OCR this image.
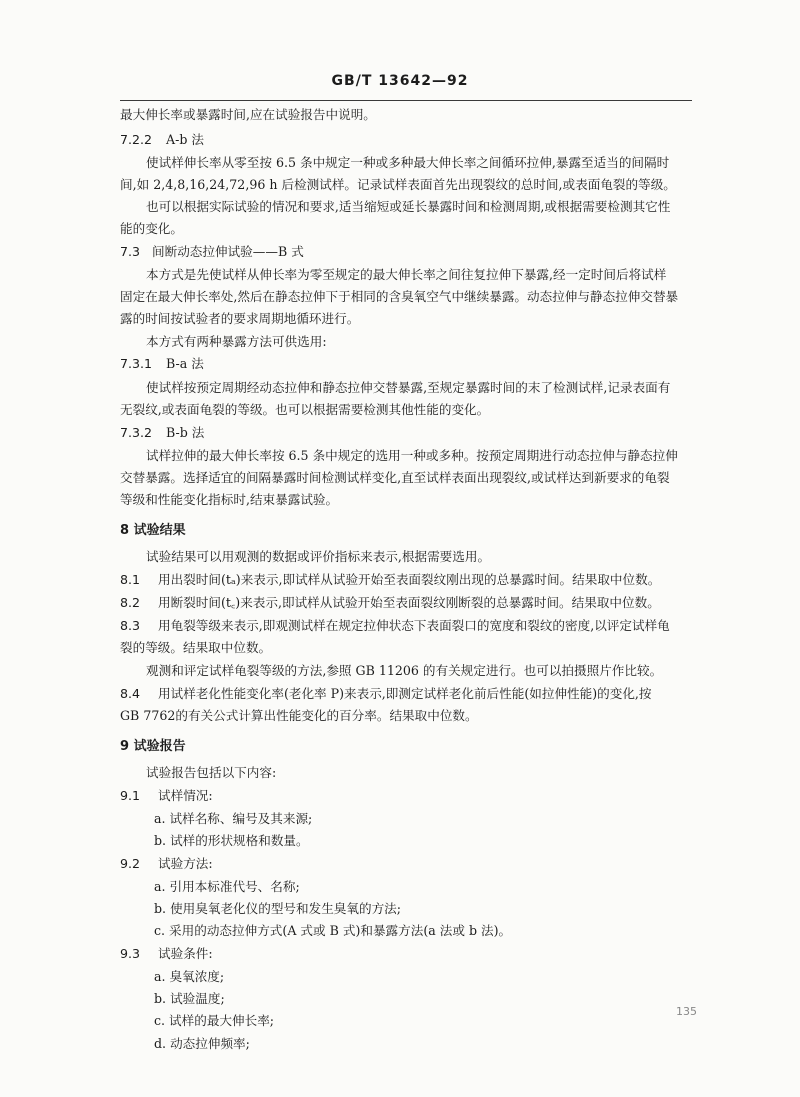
GB/T 13642—92
最大伸长率或暴露时间,应在试验报告中说明。
7.2.2 A-b 法
使试样伸长率从零至按 6.5 条中规定一种或多种最大伸长率之间循环拉伸,暴露至适当的间隔时
间,如 2,4,8,16,24,72,96 h 后检测试样。记录试样表面首先出现裂纹的总时间,或表面龟裂的等级。
也可以根据实际试验的情况和要求,适当缩短或延长暴露时间和检测周期,或根据需要检测其它性
能的变化。
7.3 间断动态拉伸试验——B 式
本方式是先使试样从伸长率为零至规定的最大伸长率之间往复拉伸下暴露,经一定时间后将试样
固定在最大伸长率处,然后在静态拉伸下于相同的含臭氧空气中继续暴露。动态拉伸与静态拉伸交替暴
露的时间按试验者的要求周期地循环进行。
本方式有两种暴露方法可供选用:
7.3.1 B-a 法
使试样按预定周期经动态拉伸和静态拉伸交替暴露,至规定暴露时间的末了检测试样,记录表面有
无裂纹,或表面龟裂的等级。也可以根据需要检测其他性能的变化。
7.3.2 B-b 法
试样拉伸的最大伸长率按 6.5 条中规定的选用一种或多种。按预定周期进行动态拉伸与静态拉伸
交替暴露。选择适宜的间隔暴露时间检测试样变化,直至试样表面出现裂纹,或试样达到新要求的龟裂
等级和性能变化指标时,结束暴露试验。
8 试验结果
试验结果可以用观测的数据或评价指标来表示,根据需要选用。
8.1 用出裂时间(tₐ)来表示,即试样从试验开始至表面裂纹刚出现的总暴露时间。结果取中位数。
8.2 用断裂时间(t꜀)来表示,即试样从试验开始至表面裂纹刚断裂的总暴露时间。结果取中位数。
8.3 用龟裂等级来表示,即观测试样在规定拉伸状态下表面裂口的宽度和裂纹的密度,以评定试样龟
裂的等级。结果取中位数。
观测和评定试样龟裂等级的方法,参照 GB 11206 的有关规定进行。也可以拍摄照片作比较。
8.4 用试样老化性能变化率(老化率 P)来表示,即测定试样老化前后性能(如拉伸性能)的变化,按
GB 7762的有关公式计算出性能变化的百分率。结果取中位数。
9 试验报告
试验报告包括以下内容:
9.1 试样情况:
a. 试样名称、编号及其来源;
b. 试样的形状规格和数量。
9.2 试验方法:
a. 引用本标准代号、名称;
b. 使用臭氧老化仪的型号和发生臭氧的方法;
c. 采用的动态拉伸方式(A 式或 B 式)和暴露方法(a 法或 b 法)。
9.3 试验条件:
a. 臭氧浓度;
b. 试验温度;
c. 试样的最大伸长率;
d. 动态拉伸频率;
135
